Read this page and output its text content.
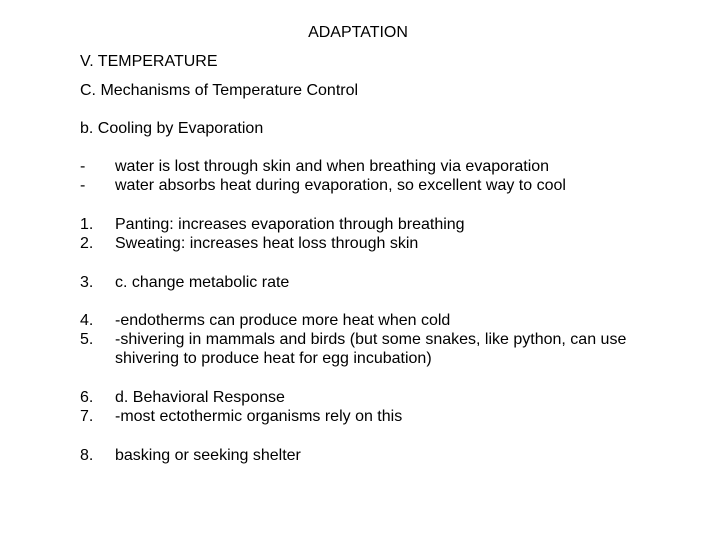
ADAPTATION
V. TEMPERATURE
C. Mechanisms of Temperature Control
b. Cooling by Evaporation
- water is lost through skin and when breathing via evaporation
- water absorbs heat during evaporation, so excellent way to cool
1. Panting: increases evaporation through breathing
2. Sweating: increases heat loss through skin
3. c. change metabolic rate
4. -endotherms can produce more heat when cold
5. -shivering in mammals and birds (but some snakes, like python, can use shivering to produce heat for egg incubation)
6. d. Behavioral Response
7. -most ectothermic organisms rely on this
8. basking or seeking shelter
